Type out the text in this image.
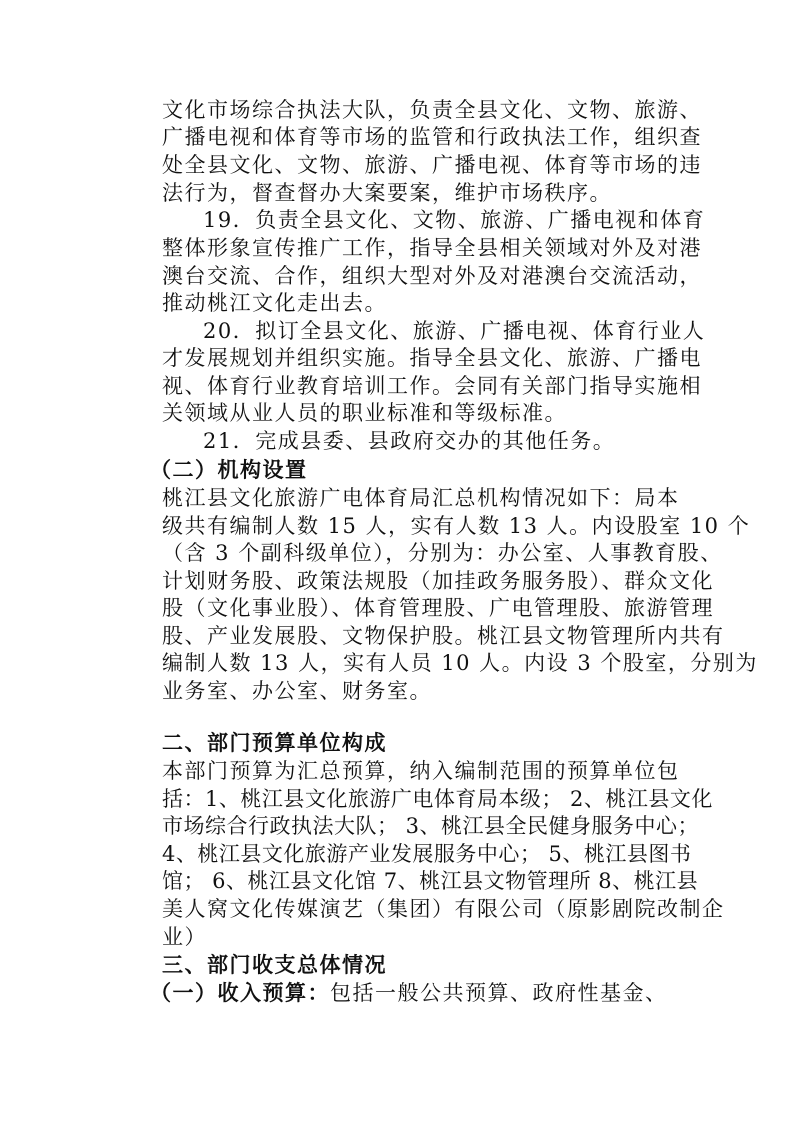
文化市场综合执法大队，负责全县文化、文物、旅游、
广播电视和体育等市场的监管和行政执法工作，组织查
处全县文化、文物、旅游、广播电视、体育等市场的违
法行为，督查督办大案要案，维护市场秩序。
19．负责全县文化、文物、旅游、广播电视和体育
整体形象宣传推广工作，指导全县相关领域对外及对港
澳台交流、合作，组织大型对外及对港澳台交流活动，
推动桃江文化走出去。
20．拟订全县文化、旅游、广播电视、体育行业人
才发展规划并组织实施。指导全县文化、旅游、广播电
视、体育行业教育培训工作。会同有关部门指导实施相
关领域从业人员的职业标准和等级标准。
21．完成县委、县政府交办的其他任务。
（二）机构设置
桃江县文化旅游广电体育局汇总机构情况如下：局本
级共有编制人数 15 人，实有人数 13 人。内设股室 10 个
（含 3 个副科级单位），分别为：办公室、人事教育股、
计划财务股、政策法规股（加挂政务服务股）、群众文化
股（文化事业股）、体育管理股、广电管理股、旅游管理
股、产业发展股、文物保护股。桃江县文物管理所内共有
编制人数 13 人，实有人员 10 人。内设 3 个股室，分别为
业务室、办公室、财务室。
二、部门预算单位构成
本部门预算为汇总预算，纳入编制范围的预算单位包
括：1、桃江县文化旅游广电体育局本级； 2、桃江县文化
市场综合行政执法大队； 3、桃江县全民健身服务中心；
4、桃江县文化旅游产业发展服务中心； 5、桃江县图书
馆； 6、桃江县文化馆 7、桃江县文物管理所 8、桃江县
美人窝文化传媒演艺（集团）有限公司（原影剧院改制企
业）
三、部门收支总体情况
（一）收入预算：包括一般公共预算、政府性基金、
